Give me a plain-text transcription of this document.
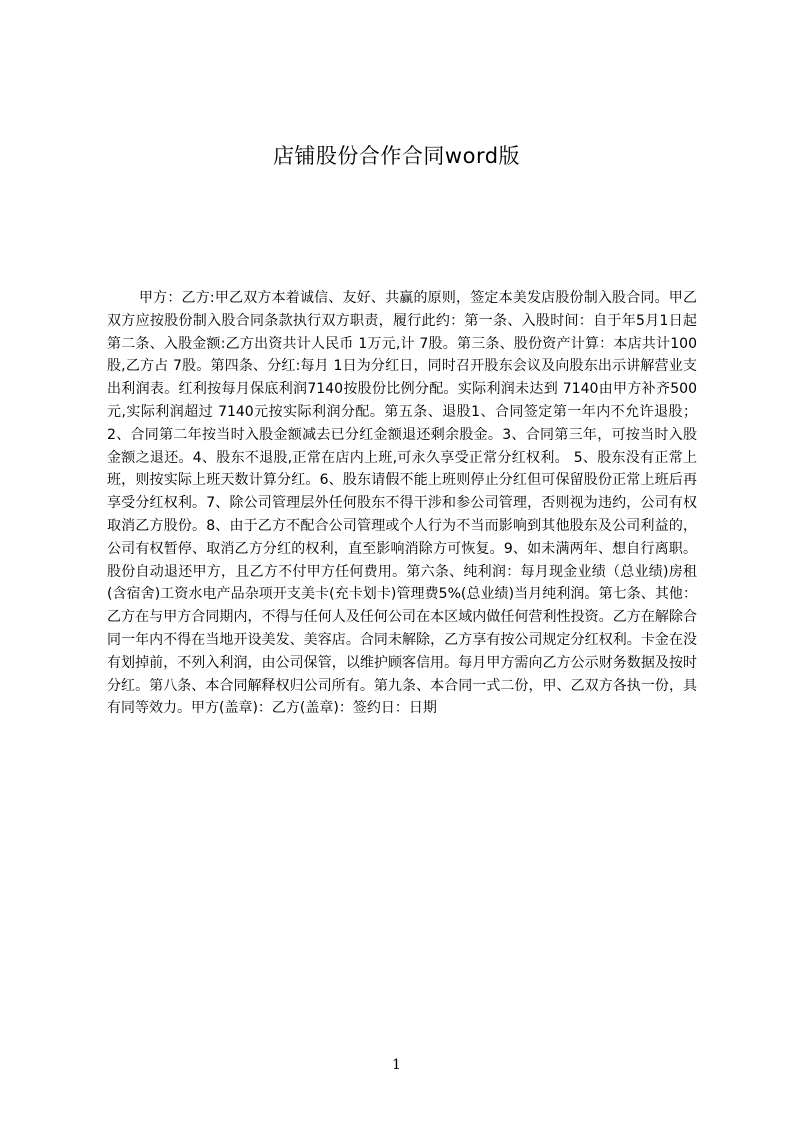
店铺股份合作合同word版

甲方：乙方:甲乙双方本着诚信、友好、共赢的原则，签定本美发店股份制入股合同。甲乙双方应按股份制入股合同条款执行双方职责，履行此约：第一条、入股时间：自于年5月1日起第二条、入股金额:乙方出资共计人民币 1万元,计 7股。第三条、股份资产计算：本店共计100股,乙方占 7股。第四条、分红:每月 1日为分红日，同时召开股东会议及向股东出示讲解营业支出利润表。红利按每月保底利润7140按股份比例分配。实际利润未达到 7140由甲方补齐500元,实际利润超过 7140元按实际利润分配。第五条、退股1、合同签定第一年内不允许退股； 2、合同第二年按当时入股金额减去已分红金额退还剩余股金。3、合同第三年，可按当时入股金额之退还。4、股东不退股,正常在店内上班,可永久享受正常分红权利。 5、股东没有正常上班，则按实际上班天数计算分红。6、股东请假不能上班则停止分红但可保留股份正常上班后再享受分红权利。7、除公司管理层外任何股东不得干涉和参公司管理，否则视为违约，公司有权取消乙方股份。8、由于乙方不配合公司管理或个人行为不当而影响到其他股东及公司利益的，公司有权暂停、取消乙方分红的权利，直至影响消除方可恢复。9、如未满两年、想自行离职。股份自动退还甲方，且乙方不付甲方任何费用。第六条、纯利润：每月现金业绩（总业绩)房租(含宿舍)工资水电产品杂项开支美卡(充卡划卡)管理费5%(总业绩)当月纯利润。第七条、其他：乙方在与甲方合同期内，不得与任何人及任何公司在本区域内做任何营利性投资。乙方在解除合同一年内不得在当地开设美发、美容店。合同未解除，乙方享有按公司规定分红权利。卡金在没有划掉前，不列入利润，由公司保管，以维护顾客信用。每月甲方需向乙方公示财务数据及按时分红。第八条、本合同解释权归公司所有。第九条、本合同一式二份，甲、乙双方各执一份，具有同等效力。甲方(盖章)：乙方(盖章)：签约日：日期

1
